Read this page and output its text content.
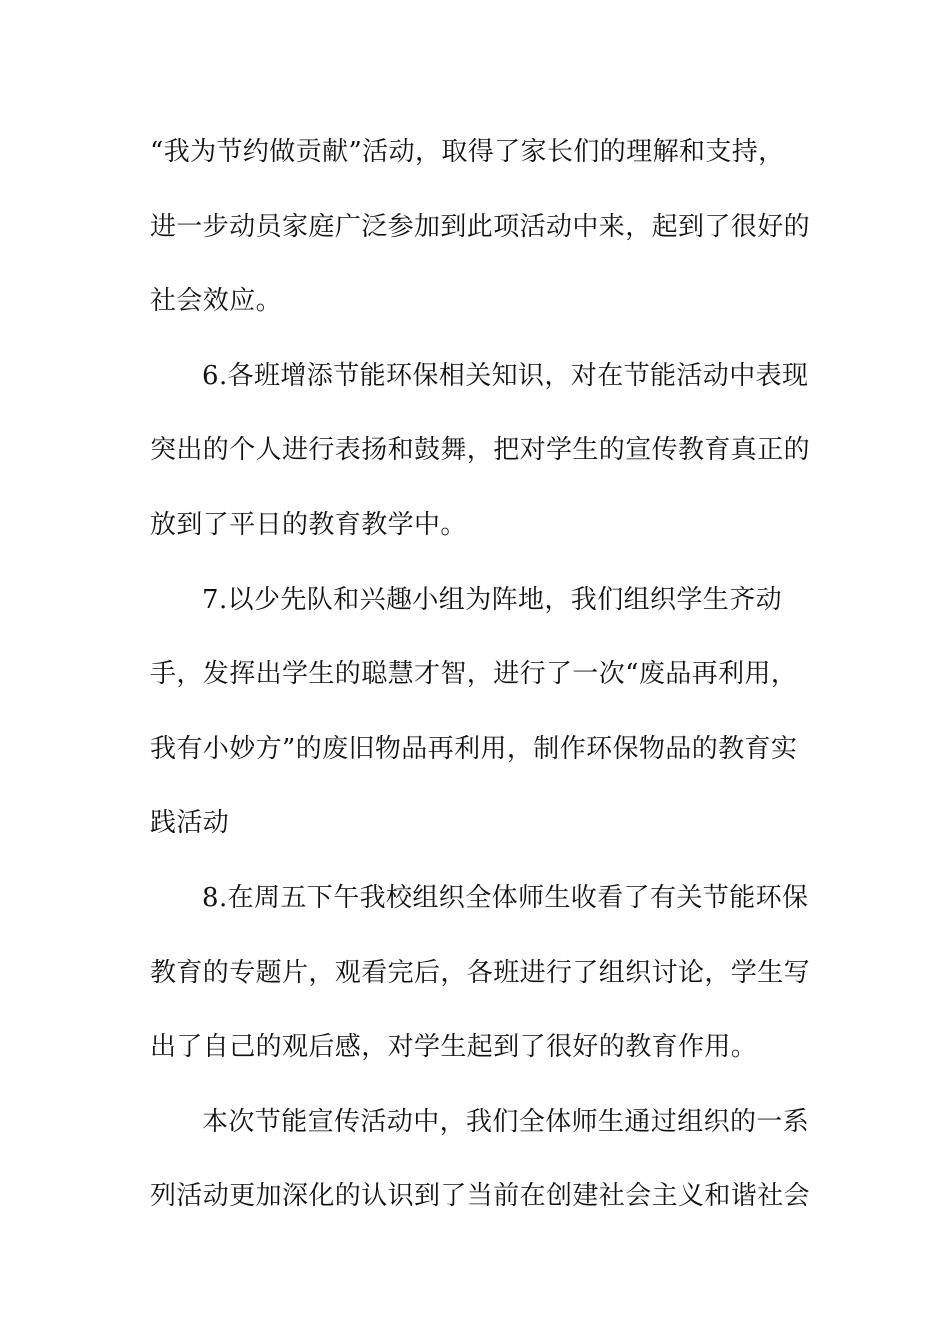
“我为节约做贡献”活动，取得了家长们的理解和支持，
进一步动员家庭广泛参加到此项活动中来，起到了很好的
社会效应。
6.各班增添节能环保相关知识，对在节能活动中表现
突出的个人进行表扬和鼓舞，把对学生的宣传教育真正的
放到了平日的教育教学中。
7.以少先队和兴趣小组为阵地，我们组织学生齐动
手，发挥出学生的聪慧才智，进行了一次“废品再利用，
我有小妙方”的废旧物品再利用，制作环保物品的教育实
践活动
8.在周五下午我校组织全体师生收看了有关节能环保
教育的专题片，观看完后，各班进行了组织讨论，学生写
出了自己的观后感，对学生起到了很好的教育作用。
本次节能宣传活动中，我们全体师生通过组织的一系
列活动更加深化的认识到了当前在创建社会主义和谐社会
